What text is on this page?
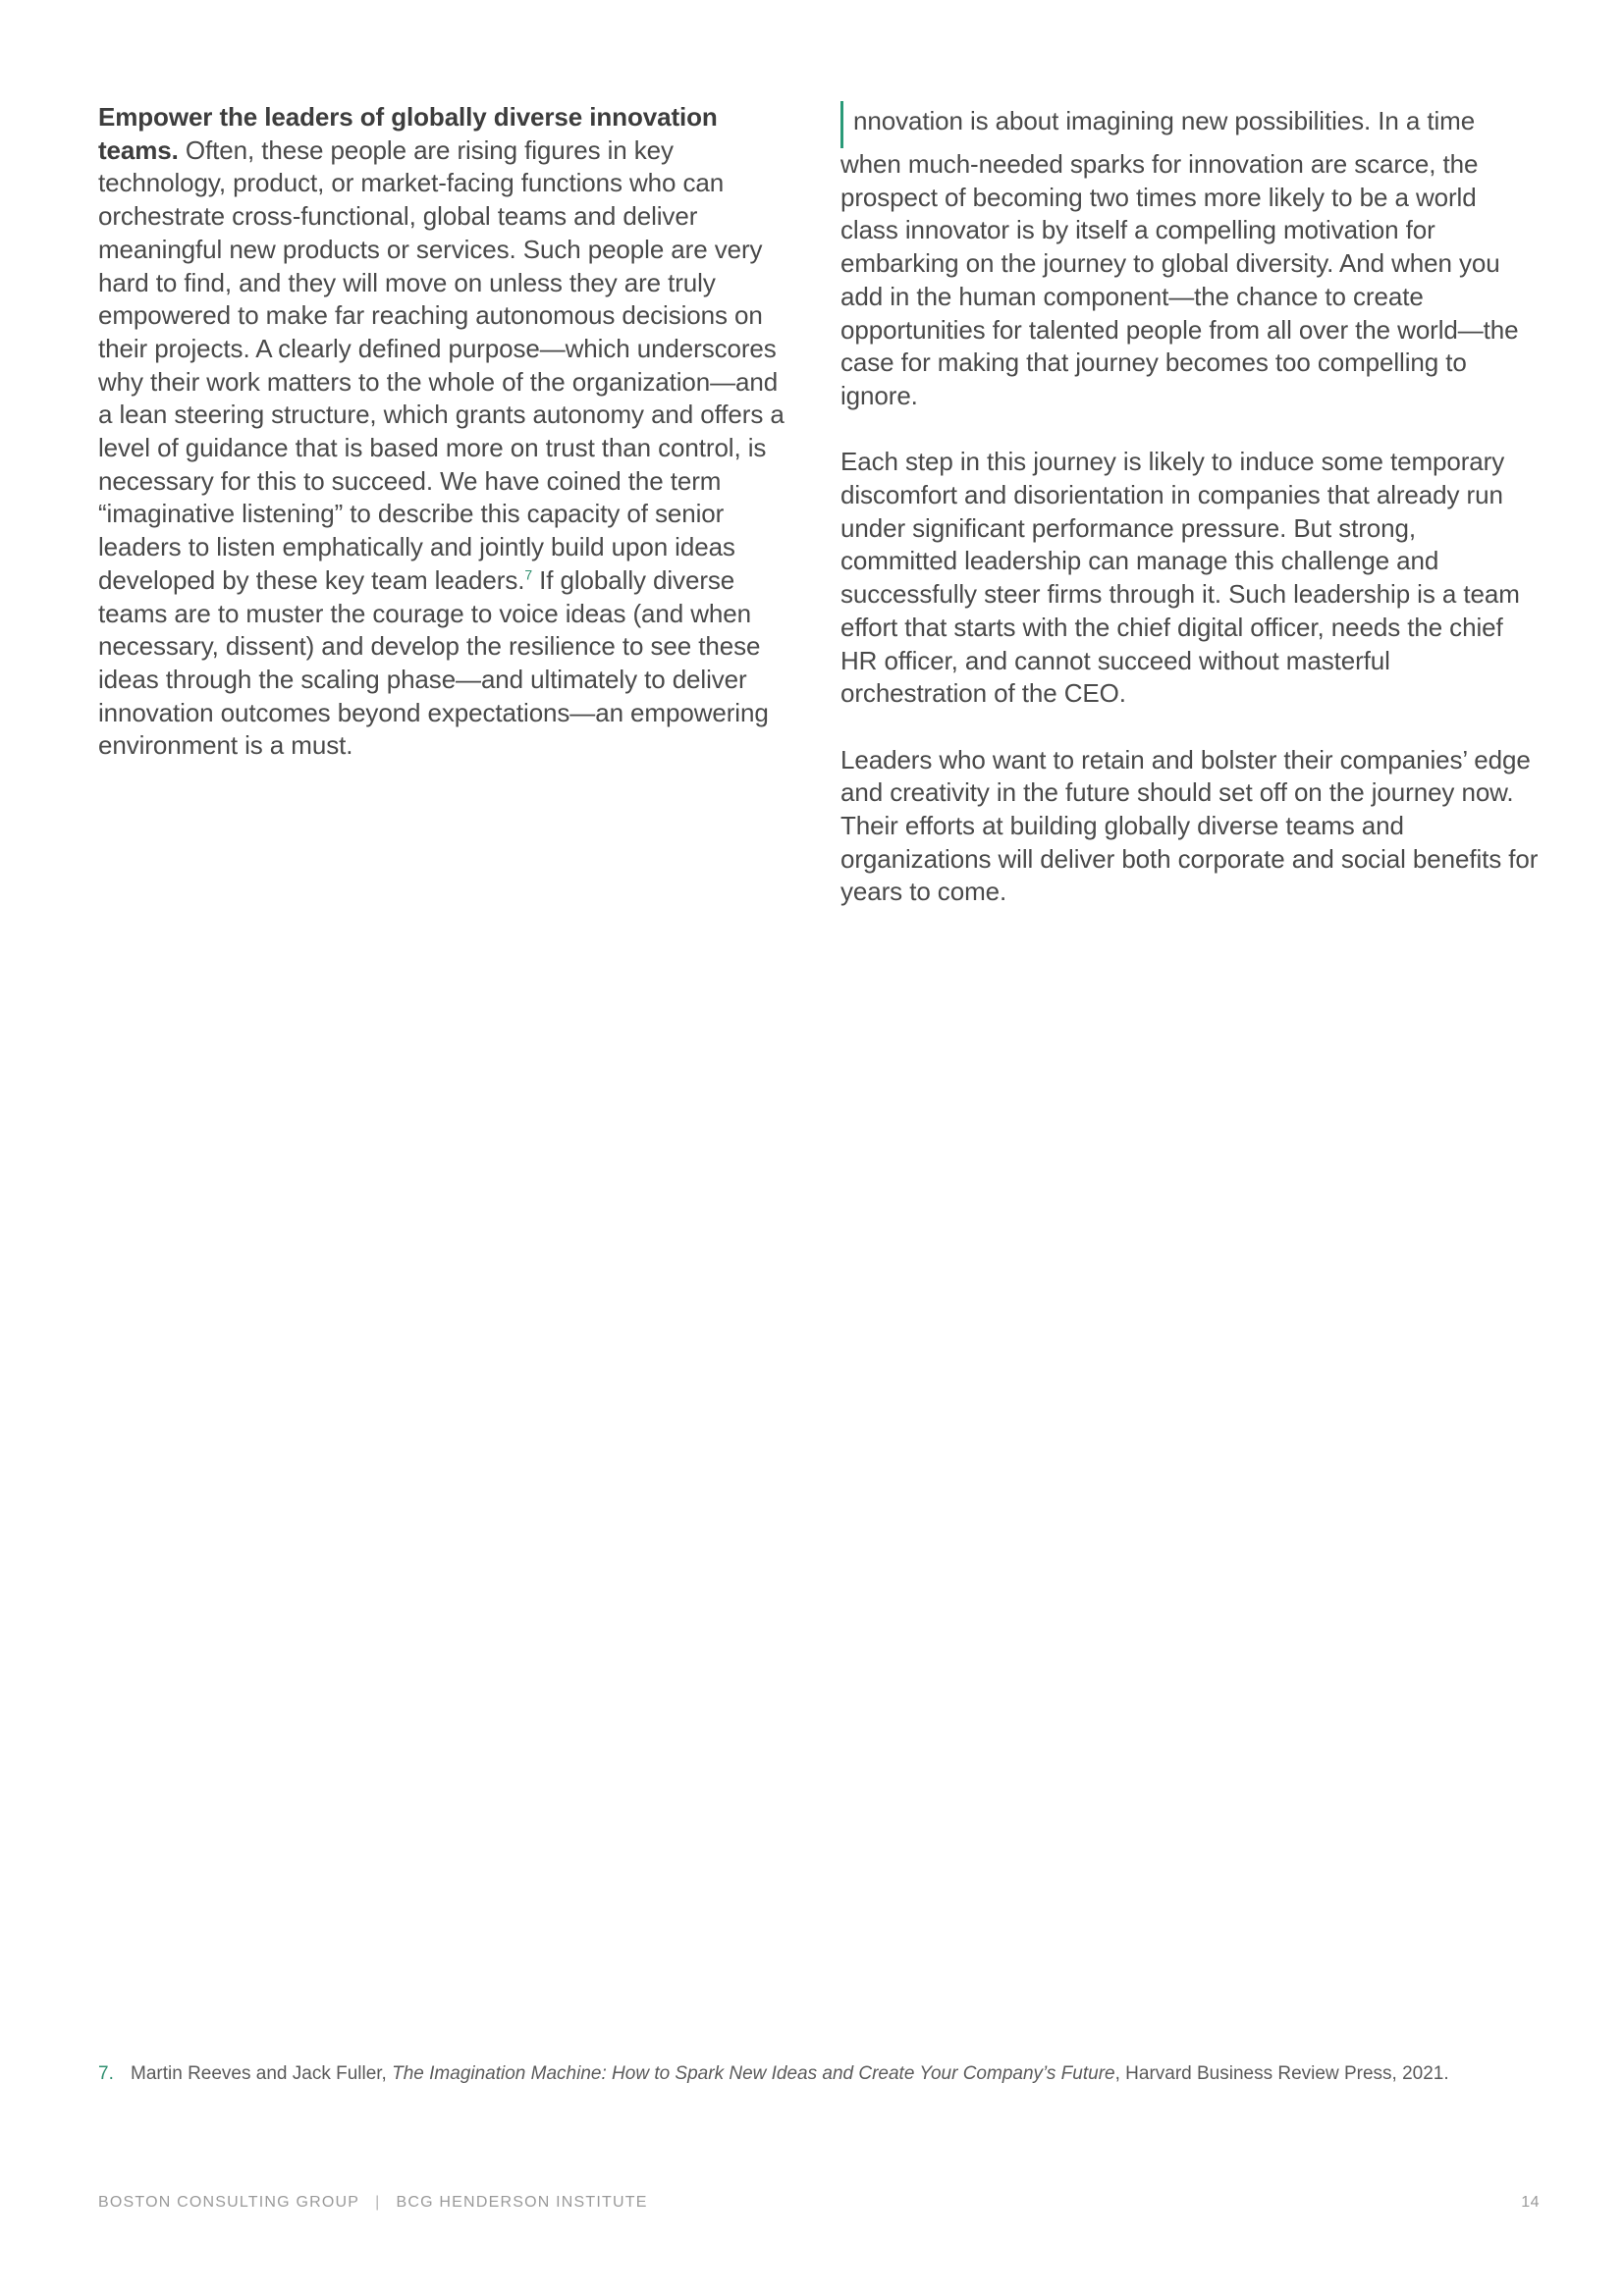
Empower the leaders of globally diverse innovation teams. Often, these people are rising figures in key technology, product, or market-facing functions who can orchestrate cross-functional, global teams and deliver meaningful new products or services. Such people are very hard to find, and they will move on unless they are truly empowered to make far reaching autonomous decisions on their projects. A clearly defined purpose—which underscores why their work matters to the whole of the organization—and a lean steering structure, which grants autonomy and offers a level of guidance that is based more on trust than control, is necessary for this to succeed. We have coined the term “imaginative listening” to describe this capacity of senior leaders to listen emphatically and jointly build upon ideas developed by these key team leaders.$^7$ If globally diverse teams are to muster the courage to voice ideas (and when necessary, dissent) and develop the resilience to see these ideas through the scaling phase—and ultimately to deliver innovation outcomes beyond expectations—an empowering environment is a must.

nnovation is about imagining new possibilities. In a time when much-needed sparks for innovation are scarce, the prospect of becoming two times more likely to be a world class innovator is by itself a compelling motivation for embarking on the journey to global diversity. And when you add in the human component—the chance to create opportunities for talented people from all over the world—the case for making that journey becomes too compelling to ignore.

Each step in this journey is likely to induce some temporary discomfort and disorientation in companies that already run under significant performance pressure. But strong, committed leadership can manage this challenge and successfully steer firms through it. Such leadership is a team effort that starts with the chief digital officer, needs the chief HR officer, and cannot succeed without masterful orchestration of the CEO.

Leaders who want to retain and bolster their companies’ edge and creativity in the future should set off on the journey now. Their efforts at building globally diverse teams and organizations will deliver both corporate and social benefits for years to come.

7. Martin Reeves and Jack Fuller, The Imagination Machine: How to Spark New Ideas and Create Your Company’s Future, Harvard Business Review Press, 2021.
BOSTON CONSULTING GROUP | BCG HENDERSON INSTITUTE	14
